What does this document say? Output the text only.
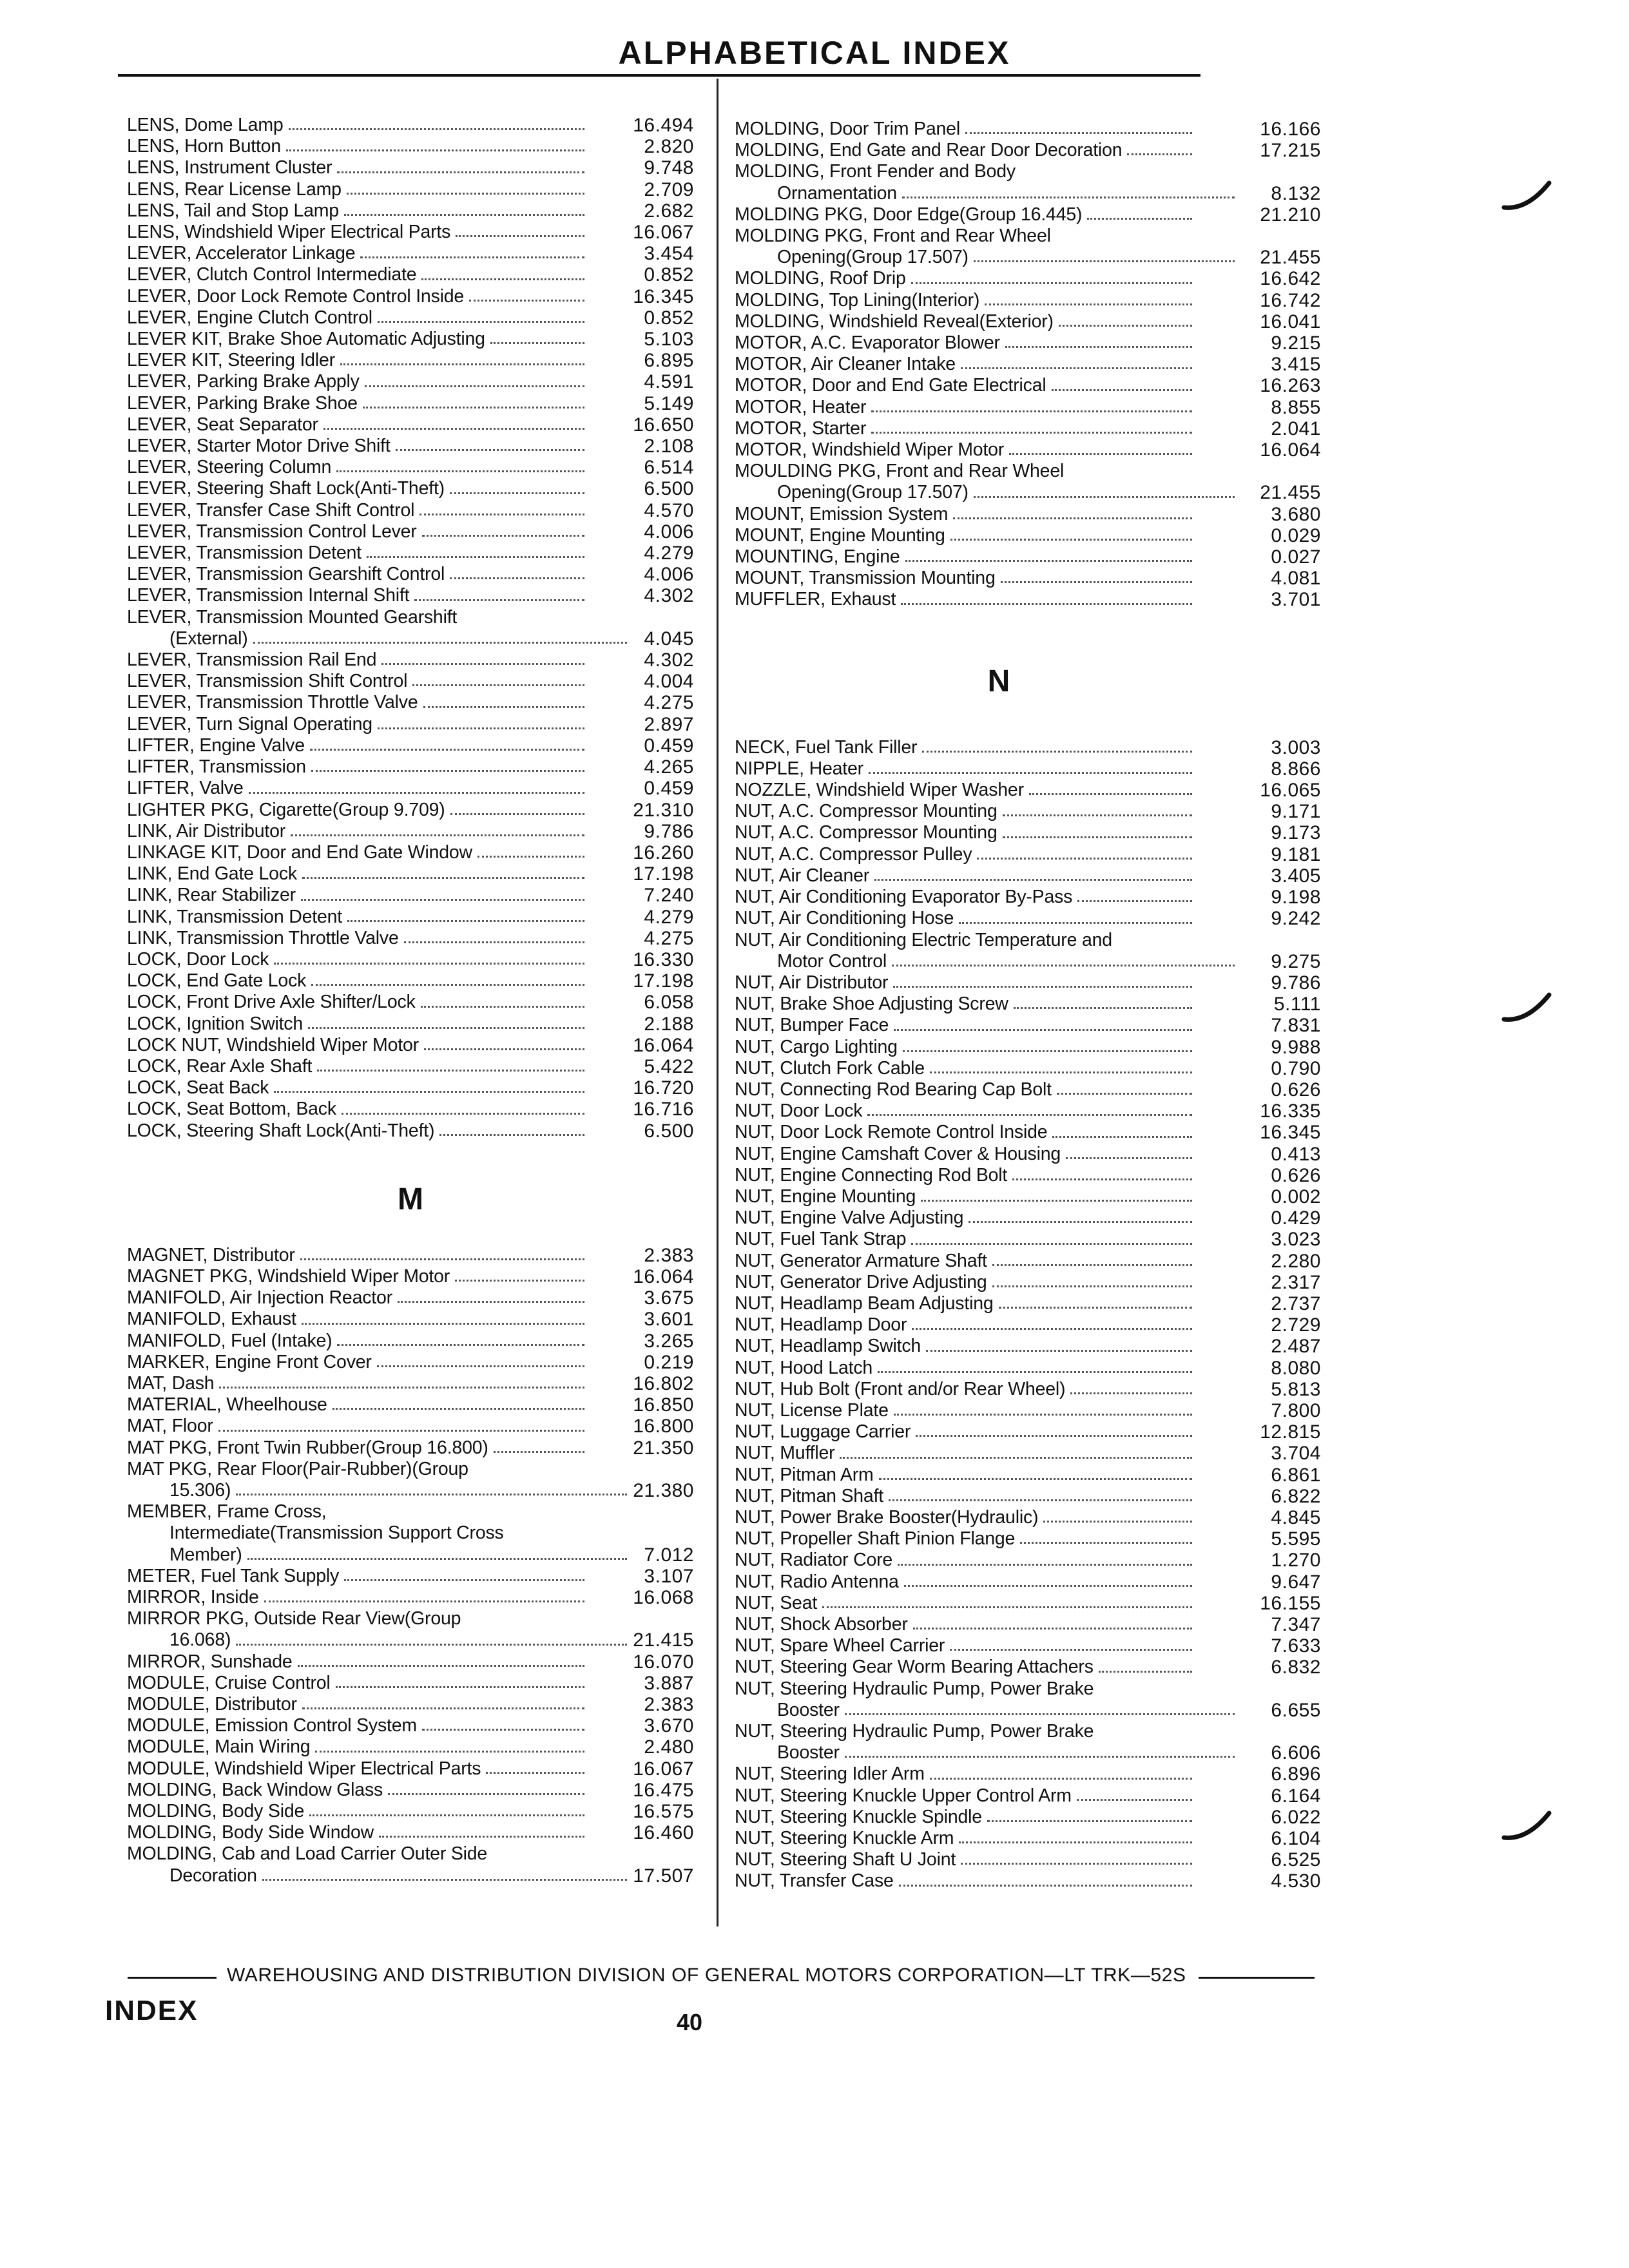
ALPHABETICAL INDEX
LENS, Dome Lamp	16.494
LENS, Horn Button	2.820
LENS, Instrument Cluster	9.748
LENS, Rear License Lamp	2.709
LENS, Tail and Stop Lamp	2.682
LENS, Windshield Wiper Electrical Parts	16.067
LEVER, Accelerator Linkage	3.454
LEVER, Clutch Control Intermediate	0.852
LEVER, Door Lock Remote Control Inside	16.345
LEVER, Engine Clutch Control	0.852
LEVER KIT, Brake Shoe Automatic Adjusting	5.103
LEVER KIT, Steering Idler	6.895
LEVER, Parking Brake Apply	4.591
LEVER, Parking Brake Shoe	5.149
LEVER, Seat Separator	16.650
LEVER, Starter Motor Drive Shift	2.108
LEVER, Steering Column	6.514
LEVER, Steering Shaft Lock(Anti-Theft)	6.500
LEVER, Transfer Case Shift Control	4.570
LEVER, Transmission Control Lever	4.006
LEVER, Transmission Detent	4.279
LEVER, Transmission Gearshift Control	4.006
LEVER, Transmission Internal Shift	4.302
LEVER, Transmission Mounted Gearshift
(External)	4.045
LEVER, Transmission Rail End	4.302
LEVER, Transmission Shift Control	4.004
LEVER, Transmission Throttle Valve	4.275
LEVER, Turn Signal Operating	2.897
LIFTER, Engine Valve	0.459
LIFTER, Transmission	4.265
LIFTER, Valve	0.459
LIGHTER PKG, Cigarette(Group 9.709)	21.310
LINK, Air Distributor	9.786
LINKAGE KIT, Door and End Gate Window	16.260
LINK, End Gate Lock	17.198
LINK, Rear Stabilizer	7.240
LINK, Transmission Detent	4.279
LINK, Transmission Throttle Valve	4.275
LOCK, Door Lock	16.330
LOCK, End Gate Lock	17.198
LOCK, Front Drive Axle Shifter/Lock	6.058
LOCK, Ignition Switch	2.188
LOCK NUT, Windshield Wiper Motor	16.064
LOCK, Rear Axle Shaft	5.422
LOCK, Seat Back	16.720
LOCK, Seat Bottom, Back	16.716
LOCK, Steering Shaft Lock(Anti-Theft)	6.500
M
MAGNET, Distributor	2.383
MAGNET PKG, Windshield Wiper Motor	16.064
MANIFOLD, Air Injection Reactor	3.675
MANIFOLD, Exhaust	3.601
MANIFOLD, Fuel (Intake)	3.265
MARKER, Engine Front Cover	0.219
MAT, Dash	16.802
MATERIAL, Wheelhouse	16.850
MAT, Floor	16.800
MAT PKG, Front Twin Rubber(Group 16.800)	21.350
MAT PKG, Rear Floor(Pair-Rubber)(Group
15.306)	21.380
MEMBER, Frame Cross,
Intermediate(Transmission Support Cross
Member)	7.012
METER, Fuel Tank Supply	3.107
MIRROR, Inside	16.068
MIRROR PKG, Outside Rear View(Group
16.068)	21.415
MIRROR, Sunshade	16.070
MODULE, Cruise Control	3.887
MODULE, Distributor	2.383
MODULE, Emission Control System	3.670
MODULE, Main Wiring	2.480
MODULE, Windshield Wiper Electrical Parts	16.067
MOLDING, Back Window Glass	16.475
MOLDING, Body Side	16.575
MOLDING, Body Side Window	16.460
MOLDING, Cab and Load Carrier Outer Side
Decoration	17.507
MOLDING, Door Trim Panel	16.166
MOLDING, End Gate and Rear Door Decoration	17.215
MOLDING, Front Fender and Body
Ornamentation	8.132
MOLDING PKG, Door Edge(Group 16.445)	21.210
MOLDING PKG, Front and Rear Wheel
Opening(Group 17.507)	21.455
MOLDING, Roof Drip	16.642
MOLDING, Top Lining(Interior)	16.742
MOLDING, Windshield Reveal(Exterior)	16.041
MOTOR, A.C. Evaporator Blower	9.215
MOTOR, Air Cleaner Intake	3.415
MOTOR, Door and End Gate Electrical	16.263
MOTOR, Heater	8.855
MOTOR, Starter	2.041
MOTOR, Windshield Wiper Motor	16.064
MOULDING PKG, Front and Rear Wheel
Opening(Group 17.507)	21.455
MOUNT, Emission System	3.680
MOUNT, Engine Mounting	0.029
MOUNTING, Engine	0.027
MOUNT, Transmission Mounting	4.081
MUFFLER, Exhaust	3.701
N
NECK, Fuel Tank Filler	3.003
NIPPLE, Heater	8.866
NOZZLE, Windshield Wiper Washer	16.065
NUT, A.C. Compressor Mounting	9.171
NUT, A.C. Compressor Mounting	9.173
NUT, A.C. Compressor Pulley	9.181
NUT, Air Cleaner	3.405
NUT, Air Conditioning Evaporator By-Pass	9.198
NUT, Air Conditioning Hose	9.242
NUT, Air Conditioning Electric Temperature and
Motor Control	9.275
NUT, Air Distributor	9.786
NUT, Brake Shoe Adjusting Screw	5.111
NUT, Bumper Face	7.831
NUT, Cargo Lighting	9.988
NUT, Clutch Fork Cable	0.790
NUT, Connecting Rod Bearing Cap Bolt	0.626
NUT, Door Lock	16.335
NUT, Door Lock Remote Control Inside	16.345
NUT, Engine Camshaft Cover & Housing	0.413
NUT, Engine Connecting Rod Bolt	0.626
NUT, Engine Mounting	0.002
NUT, Engine Valve Adjusting	0.429
NUT, Fuel Tank Strap	3.023
NUT, Generator Armature Shaft	2.280
NUT, Generator Drive Adjusting	2.317
NUT, Headlamp Beam Adjusting	2.737
NUT, Headlamp Door	2.729
NUT, Headlamp Switch	2.487
NUT, Hood Latch	8.080
NUT, Hub Bolt (Front and/or Rear Wheel)	5.813
NUT, License Plate	7.800
NUT, Luggage Carrier	12.815
NUT, Muffler	3.704
NUT, Pitman Arm	6.861
NUT, Pitman Shaft	6.822
NUT, Power Brake Booster(Hydraulic)	4.845
NUT, Propeller Shaft Pinion Flange	5.595
NUT, Radiator Core	1.270
NUT, Radio Antenna	9.647
NUT, Seat	16.155
NUT, Shock Absorber	7.347
NUT, Spare Wheel Carrier	7.633
NUT, Steering Gear Worm Bearing Attachers	6.832
NUT, Steering Hydraulic Pump, Power Brake
Booster	6.655
NUT, Steering Hydraulic Pump, Power Brake
Booster	6.606
NUT, Steering Idler Arm	6.896
NUT, Steering Knuckle Upper Control Arm	6.164
NUT, Steering Knuckle Spindle	6.022
NUT, Steering Knuckle Arm	6.104
NUT, Steering Shaft U Joint	6.525
NUT, Transfer Case	4.530
WAREHOUSING AND DISTRIBUTION DIVISION OF GENERAL MOTORS CORPORATION—LT TRK—52S
INDEX	40
